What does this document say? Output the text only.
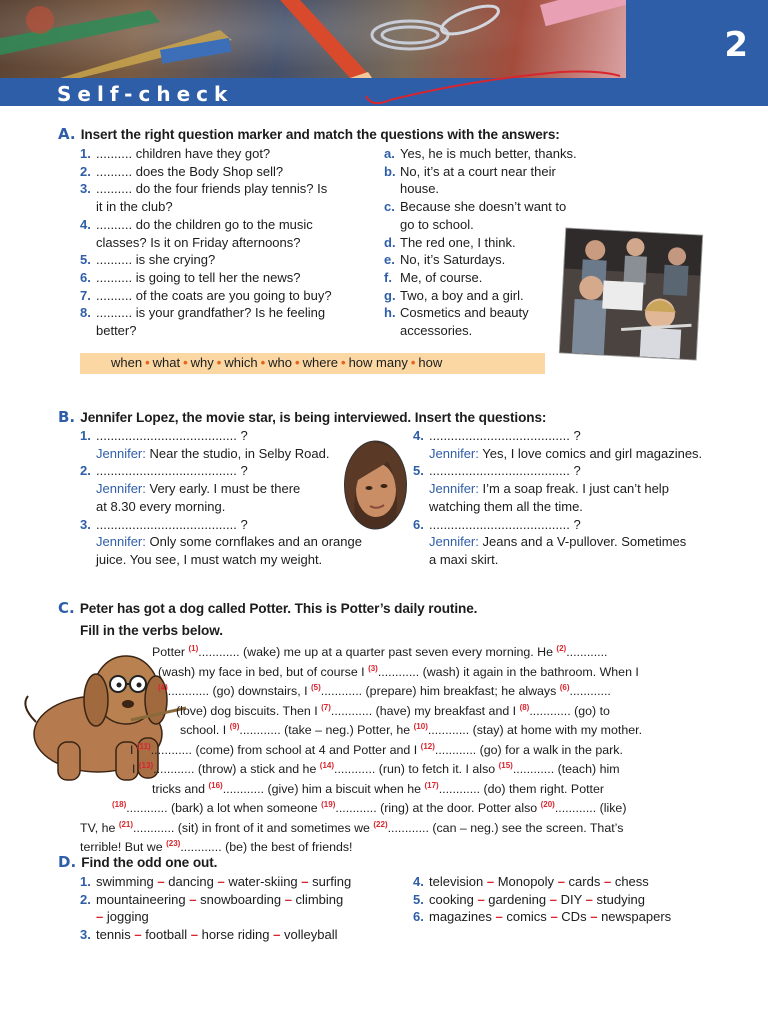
2
Self-check
A. Insert the right question marker and match the questions with the answers:
1. .......... children have they got?
2. .......... does the Body Shop sell?
3. .......... do the four friends play tennis? Is
it in the club?
4. .......... do the children go to the music
classes? Is it on Friday afternoons?
5. .......... is she crying?
6. .......... is going to tell her the news?
7. .......... of the coats are you going to buy?
8. .......... is your grandfather? Is he feeling
better?
a. Yes, he is much better, thanks.
b. No, it’s at a court near their
house.
c. Because she doesn’t want to
go to school.
d. The red one, I think.
e. No, it’s Saturdays.
f. Me, of course.
g. Two, a boy and a girl.
h. Cosmetics and beauty
accessories.
when • what • why • which • who • where • how many • how
B. Jennifer Lopez, the movie star, is being interviewed. Insert the questions:
1. ....................................... ?
Jennifer: Near the studio, in Selby Road.
2. ....................................... ?
Jennifer: Very early. I must be there
at 8.30 every morning.
3. ....................................... ?
Jennifer: Only some cornflakes and an orange
juice. You see, I must watch my weight.
4. ....................................... ?
Jennifer: Yes, I love comics and girl magazines.
5. ....................................... ?
Jennifer: I’m a soap freak. I just can’t help
watching them all the time.
6. ....................................... ?
Jennifer: Jeans and a V-pullover. Sometimes
a maxi skirt.
C. Peter has got a dog called Potter. This is Potter’s daily routine.
Fill in the verbs below.

Potter $^{(1)}$............ (wake) me up at a quarter past seven every morning. He $^{(2)}$............

(wash) my face in bed, but of course I $^{(3)}$............ (wash) it again in the bathroom. When I

$^{(4)}$............ (go) downstairs, I $^{(5)}$............ (prepare) him breakfast; he always $^{(6)}$............

(love) dog biscuits. Then I $^{(7)}$............ (have) my breakfast and I $^{(8)}$............ (go) to

school. I $^{(9)}$............ (take – neg.) Potter, he $^{(10)}$............ (stay) at home with my mother.

I $^{(11)}$............ (come) from school at 4 and Potter and I $^{(12)}$............ (go) for a walk in the park.

I $^{(13)}$............ (throw) a stick and he $^{(14)}$............ (run) to fetch it. I also $^{(15)}$............ (teach) him

tricks and $^{(16)}$............ (give) him a biscuit when he $^{(17)}$............ (do) them right. Potter

$^{(18)}$............ (bark) a lot when someone $^{(19)}$............ (ring) at the door. Potter also $^{(20)}$............ (like)

TV, he $^{(21)}$............ (sit) in front of it and sometimes we $^{(22)}$............ (can – neg.) see the screen. That’s

terrible! But we $^{(23)}$............ (be) the best of friends!

D. Find the odd one out.
1. swimming – dancing – water-skiing – surfing
2. mountaineering – snowboarding – climbing
– jogging
3. tennis – football – horse riding – volleyball
4. television – Monopoly – cards – chess
5. cooking – gardening – DIY – studying
6. magazines – comics – CDs – newspapers
